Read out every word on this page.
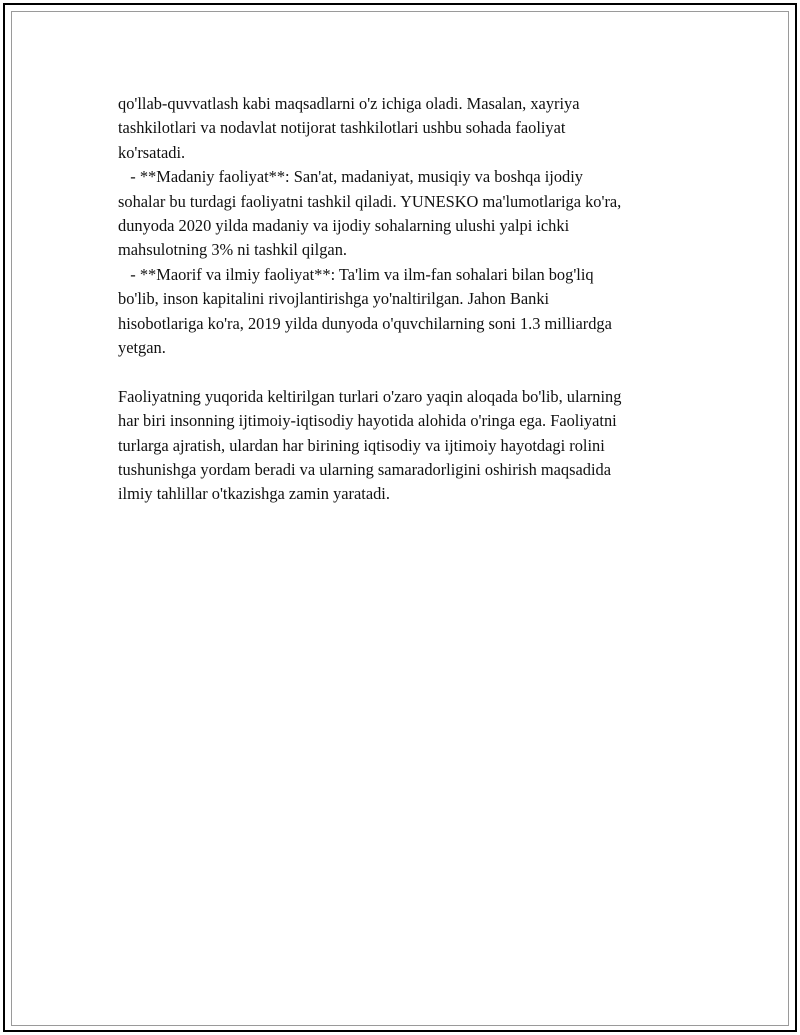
qo'llab-quvvatlash kabi maqsadlarni o'z ichiga oladi. Masalan, xayriya
tashkilotlari va nodavlat notijorat tashkilotlari ushbu sohada faoliyat
ko'rsatadi.
- **Madaniy faoliyat**: San'at, madaniyat, musiqiy va boshqa ijodiy
sohalar bu turdagi faoliyatni tashkil qiladi. YUNESKO ma'lumotlariga ko'ra,
dunyoda 2020 yilda madaniy va ijodiy sohalarning ulushi yalpi ichki
mahsulotning 3% ni tashkil qilgan.
- **Maorif va ilmiy faoliyat**: Ta'lim va ilm-fan sohalari bilan bog'liq
bo'lib, inson kapitalini rivojlantirishga yo'naltirilgan. Jahon Banki
hisobotlariga ko'ra, 2019 yilda dunyoda o'quvchilarning soni 1.3 milliardga
yetgan.
Faoliyatning yuqorida keltirilgan turlari o'zaro yaqin aloqada bo'lib, ularning
har biri insonning ijtimoiy-iqtisodiy hayotida alohida o'ringa ega. Faoliyatni
turlarga ajratish, ulardan har birining iqtisodiy va ijtimoiy hayotdagi rolini
tushunishga yordam beradi va ularning samaradorligini oshirish maqsadida
ilmiy tahlillar o'tkazishga zamin yaratadi.
